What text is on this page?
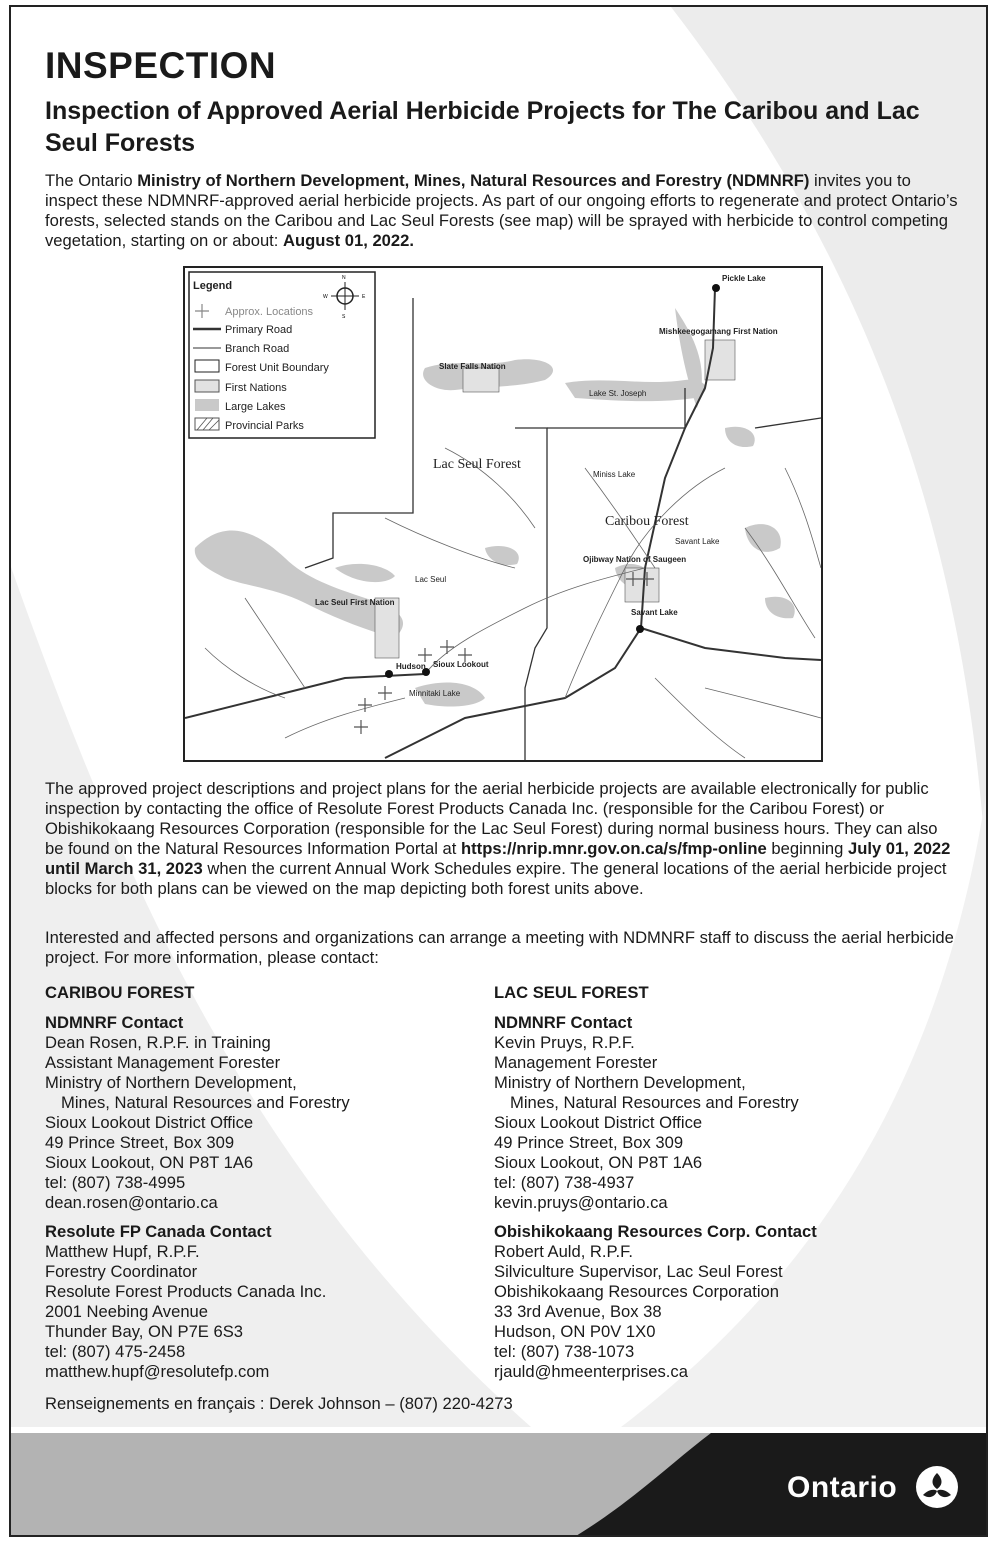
INSPECTION
Inspection of Approved Aerial Herbicide Projects for The Caribou and Lac Seul Forests

The Ontario Ministry of Northern Development, Mines, Natural Resources and Forestry (NDMNRF) invites you to inspect these NDMNRF-approved aerial herbicide projects. As part of our ongoing efforts to regenerate and protect Ontario’s forests, selected stands on the Caribou and Lac Seul Forests (see map) will be sprayed with herbicide to control competing vegetation, starting on or about: August 01, 2022.

Pickle Lake
Mishkeegogamang First Nation
Slate Falls Nation
Lake St. Joseph
Lac Seul Forest
Miniss Lake
Caribou Forest
Savant Lake
Ojibway Nation of Saugeen
Savant Lake
Lac Seul
Lac Seul First Nation
Hudson Sioux Lookout
Minnitaki Lake
Legend
N
S
W	E
Approx. Locations
Primary Road
Branch Road
Forest Unit Boundary
First Nations
Large Lakes
Provincial Parks

The approved project descriptions and project plans for the aerial herbicide projects are available electronically for public inspection by contacting the office of Resolute Forest Products Canada Inc. (responsible for the Caribou Forest) or Obishikokaang Resources Corporation (responsible for the Lac Seul Forest) during normal business hours. They can also be found on the Natural Resources Information Portal at https://nrip.mnr.gov.on.ca/s/fmp-online beginning July 01, 2022 until March 31, 2023 when the current Annual Work Schedules expire. The general locations of the aerial herbicide project blocks for both plans can be viewed on the map depicting both forest units above.

Interested and affected persons and organizations can arrange a meeting with NDMNRF staff to discuss the aerial herbicide project. For more information, please contact:

CARIBOU FOREST
NDMNRF Contact
Dean Rosen, R.P.F. in Training
Assistant Management Forester
Ministry of Northern Development,
Mines, Natural Resources and Forestry
Sioux Lookout District Office
49 Prince Street, Box 309
Sioux Lookout, ON P8T 1A6
tel: (807) 738-4995
dean.rosen@ontario.ca
Resolute FP Canada Contact
Matthew Hupf, R.P.F.
Forestry Coordinator
Resolute Forest Products Canada Inc.
2001 Neebing Avenue
Thunder Bay, ON P7E 6S3
tel: (807) 475-2458
matthew.hupf@resolutefp.com
LAC SEUL FOREST
NDMNRF Contact
Kevin Pruys, R.P.F.
Management Forester
Ministry of Northern Development,
Mines, Natural Resources and Forestry
Sioux Lookout District Office
49 Prince Street, Box 309
Sioux Lookout, ON P8T 1A6
tel: (807) 738-4937
kevin.pruys@ontario.ca
Obishikokaang Resources Corp. Contact
Robert Auld, R.P.F.
Silviculture Supervisor, Lac Seul Forest
Obishikokaang Resources Corporation
33 3rd Avenue, Box 38
Hudson, ON P0V 1X0
tel: (807) 738-1073
rjauld@hmeenterprises.ca
Renseignements en français : Derek Johnson – (807) 220-4273
Ontario
